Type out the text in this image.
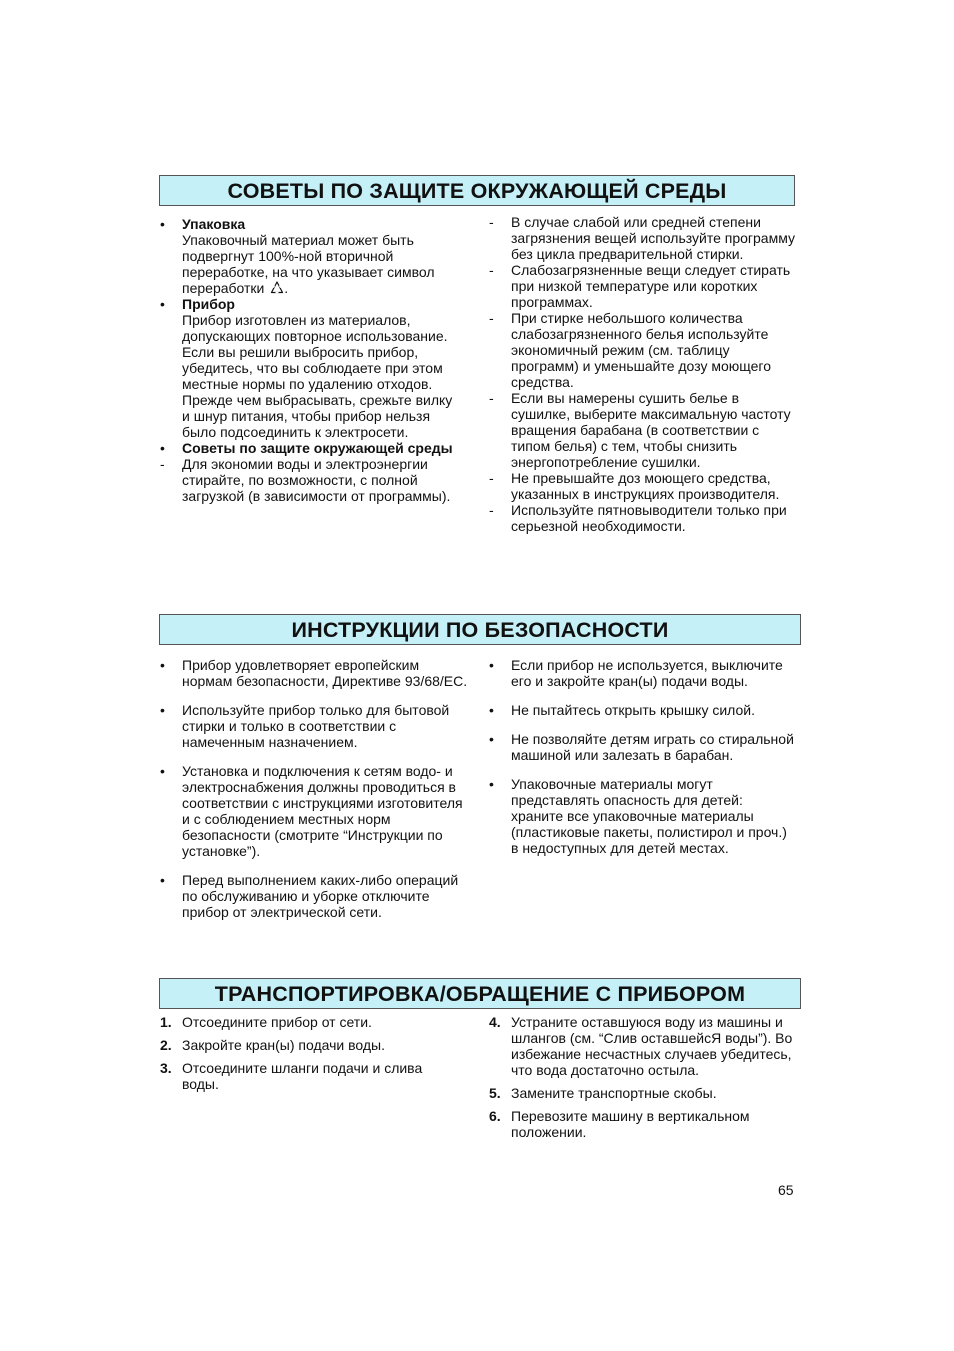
СОВЕТЫ ПО ЗАЩИТЕ ОКРУЖАЮЩЕЙ СРЕДЫ
• Упаковка
Упаковочный материал может быть подвергнут 100%-ной вторичной переработке, на что указывает символ переработки .
• Прибор
Прибор изготовлен из материалов, допускающих повторное использование. Если вы решили выбросить прибор, убедитесь, что вы соблюдаете при этом местные нормы по удалению отходов.
Прежде чем выбрасывать, срежьте вилку и шнур питания, чтобы прибор нельзя было подсоединить к электросети.
• Советы по защите окружающей среды
- Для экономии воды и электроэнергии стирайте, по возможности, с полной загрузкой (в зависимости от программы).
- В случае слабой или средней степени загрязнения вещей используйте программу без цикла предварительной стирки.
- Слабозагрязненные вещи следует стирать при низкой температуре или коротких программах.
- При стирке небольшого количества слабозагрязненного белья используйте экономичный режим (см. таблицу программ) и уменьшайте дозу моющего средства.
- Если вы намерены сушить белье в сушилке, выберите максимальную частоту вращения барабана (в соответствии с типом белья) с тем, чтобы снизить энергопотребление сушилки.
- Не превышайте доз моющего средства, указанных в инструкциях производителя.
- Используйте пятновыводители только при серьезной необходимости.
ИНСТРУКЦИИ ПО БЕЗОПАСНОСТИ
• Прибор удовлетворяет европейским нормам безопасности, Директиве 93/68/ЕС.
• Используйте прибор только для бытовой стирки и только в соответствии с намеченным назначением.
• Установка и подключения к сетям водо- и электроснабжения должны проводиться в соответствии с инструкциями изготовителя и с соблюдением местных норм безопасности (смотрите “Инструкции по установке”).
• Перед выполнением каких-либо операций по обслуживанию и уборке отключите прибор от электрической сети.
• Если прибор не используется, выключите его и закройте кран(ы) подачи воды.
• Не пытайтесь открыть крышку силой.
• Не позволяйте детям играть со стиральной машиной или залезать в барабан.
• Упаковочные материалы могут представлять опасность для детей: храните все упаковочные материалы (пластиковые пакеты, полистирол и проч.) в недоступных для детей местах.
ТРАНСПОРТИРОВКА/ОБРАЩЕНИЕ С ПРИБОРОМ
1. Отсоедините прибор от сети.
2. Закройте кран(ы) подачи воды.
3. Отсоедините шланги подачи и слива воды.
4. Устраните оставшуюся воду из машины и шлангов (см. “Слив оставшейсЯ воды”). Во избежание несчастных случаев убедитесь, что вода достаточно остыла.
5. Замените транспортные скобы.
6. Перевозите машину в вертикальном положении.
65
